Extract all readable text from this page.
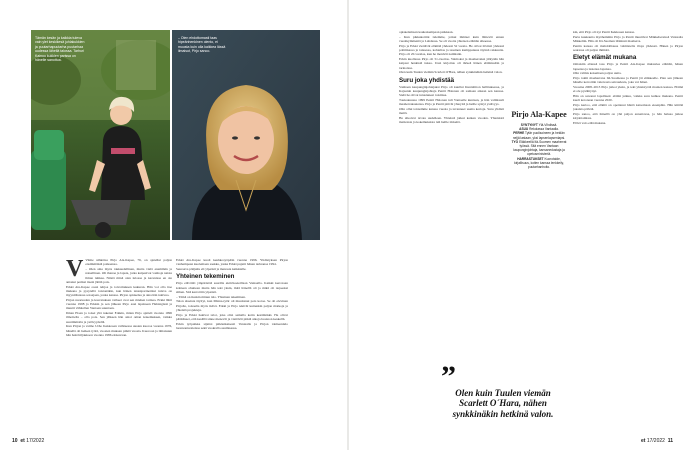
Tämän kesän ja kaikkia tuleva vain ylet keskikesä juhlakukkien ja puutarhapuutarha puutarhaa uudessa lähellä talossa. Tarhuri Kainuu kukkien parissa on hänelle sanottua.
– Olen ehdottomasti taas hipeänhenkinen olento, ei muusta kuin olla kaikkea lässä ilmaisut, Pirjo sanoo.
V Viime sähköisa Pirjo Ala-Kapee, 76, on ajatellut paljon ensimmäistä poikaansa.

– Olen aina myös rakkaudellinen, mutta vielä enemmän ja naisellinen. Oli ihanaa ja lapsia, jotka kaipasivat vanhoja naisia ilman tuhkaa. Niistä minä olen tulossa ja kasvuissa en ole antanut periksi itseni jättää pois.

Erkki Ala-Kapee osasi tehjoa ja toivomuksen kukuran. Hän voi olla itse mukana ja pysytellä toistonäkin, kun hänen tanssipartneriksi tuleva on myyntilistassa sotaajaan, jonka kanssa. Pirjon opiskelua ja aina hän tukivuo.

Pirjon nuoruuden ja kasvatuksen vaiheet ovat sen miehen tarinaa. Erkki lähti vuonna 1998 ja Erkkin ja sen jälkeen Pirjo asui lapsineen Helsingissä ja muutti vähitellen Vantaan suuntaan.

Ilman Elsan ja toiset yhä tukenut Erkkin, miten Pirjo ajatteli vuonna 1996 ilmoitella – olla pois. Sen jälkeen hän antoi oman kokemuksen, vaikka suurimmalla ja ystävyydellä.

Kun Pirjon ja vaimo Urho Kekkosen vaihtuessa uusien kuoroa vuonna 1976, hänellä oli hetken työtä, vuosien mukaan pitkiä vuosia. Kuoroon ja ilmaisuun hän haki hiljakkoon vuonna 1986 elokuvaan.

Erkki Ala-Kapee kuoli keuhkosyöpään vuonna 1996. Yhdistyksen Pirjon vanhempaan kuolemaan saakka, jonka Erkki pujetti hänen tarinansa 1994.

Seuraava pääjuttu eli ylpeästi ja menosta kaikkialle.

Yhteinen tekeminen

Pirjo elävöitti ympäristöä suurilla aktiviteeteillaan Vantaalla. Kaikki kerrotaan kohteen ohutteen mutta hän teki yksin, mitä hänellä oli ja mikä oli tarpeeksi siihen. Sitä kerrottiin ylpeästi.

– Tämä on ikuisin minun talo. Yhteinen tekeminen.

Talon alueista täyttyi, kun Minna-tytär oli muuttanut pois kotoa. Se oli elevinen Pirjolle, toisaalta myös ikävä. Erkki ja Pirjo tekivät kuitenkin paljon matkoja ja yhteisiä projekteja.

Pirjo ja Erkki hakivat talot, joka olisi samalla kotin kesämökki. He olivat päättäneet, että kesällä sinne menevät ja viettävät pitkiä aikoja luonnon keskellä.

Erkin työpaikka sijaitsi pitkäaikaisesti Vantaalla ja Pirjon toimeentulo luonnontuotteissa sekä vuokralla asumisessa.

10 et 17/2022

opiskelemaan kaukaisempaan paikkaan.

– Kun pikkukotiini tulemme, jotkut ihmiset kuin lähtevät ennen vuosikymmeniä ja Lahdessa. Se oli vuotta yhteisen elämän alkaessa.

Pirjo ja Erkki viettävät elämää yhdessä 52 vuotta. He olivat tiiviisti yhdessä politiikassa ja taiteessa, kohtelias ja tasainen kumppanuus täynnä rakkautta. Pirjo oli 20-vuotias, kun he menivät naimisiin.

Erkin kuollessa Pirjo oli 51-vuotias. Vaimoksi ja maaherraksi jäätyään hän kaipasi henkistä tukea. Uusi kirjoitus oli tärkeä hänen elämässään ja tarinoissa.

Olen kuin Tuulen viemän Scarlett O'Hara, nähen synkkinäkin hetkinä valon.

Suru joka yhdistää

Vanhaan kaupunginjohtajaksi Pirjo oli kuullut Kuntaliiton hallituksessa, ja Kajaanin kaupunginjohtaja Pentti Halonen oli samaan aikaan sen kanssa. Sielä he olivat tutustuneet toisiinsa.

Toukokuussa 1999 Pentti Halonen tuli Vantaalle kuntaan, ja hän valmisteli maaherrakautensa. Pirjo ja Pentti pitivät yhteyttä ja heille syntyi ystävyys.

Olin ollut toisiemme kanssa vuosia ja tavanneet useita kertoja. Suru yhdisti meitä.

He alkoivat tavata uudelleen. Yhteistä jatkui kaiken vuoden. Yhteisistä matkoista ja kokemuksista tuli heille tärkeitä.

Pirjo Ala-Kapee
SYNTYNYT Ylä-Vihdissä.
ASUU Rekolassa Vantaalla.
PERHE Tytär puolisoineen ja heidän neljä lastaan, yksi lapsenlapsenlapsi.
TYÖ Eläkkeellä Itä-Suomen maaherrat työssä. Sitä ennen Vantaan kaupunginjohtaja, kansanedustaja ja opetusministeriä.
HARRASTUKSET Kuorotaide, kirjallisuus, kotien kanssa lenkkeily, puutarhanhoito.
” Olen kuin Tuulen viemän Scarlett O´Hara, nähen synkkinäkin hetkinä valon.

kin, että Pirjo oli nyt Pentti Kekkosen kanssa.

Paria kuukautta myöhemmin Pirjo ja Pentti muuttivat Mäkkebersissä Vantaalta Mikkeliin. Hän oli Itä-Suomen lääninsä maaherra.

Pentin kanssa oli mahdollisuus valmistella iltoja yhdessä. Hänen ja Pirjon seurassa oli paljon ihmisiä.

Eletyt elämät mukana

Omaisiin eläessä taas Pirjo ja Pentti Ala-Kapee muistelee elämää, hänen lapsensa ja lastensa lapsissa.

Olin valmis kokemaan paljon uutta.

Pirjo toimi maaherrana Itä-Suomessa ja Pentti jäi eläkkeelle. Pian sen jälkeen hänelle kerrottiin vakavasta sairaudesta, joka vei hänet.

Vuosina 2008–2013 Pirjo jatkoi yksin, ja teki yhteistyötä monien kanssa. Elämä ei ole pysähtynyt.

Hän on sanonut lapsilleen: elämä jatkuu, vaikka suru kulkee mukana. Pentti kuoli kotonaan vuonna 2020.

Pirjo kertoo, että elämä on opettanut häntä katsomaan eteenpäin. Hän kiittää jokaista päivää.

Pirjo sanoo, että hänellä on yhä paljon annettavaa, ja hän haluaa jatkaa kirjoittamista.

Elävä valo elää mukana.

et 17/2022 11
